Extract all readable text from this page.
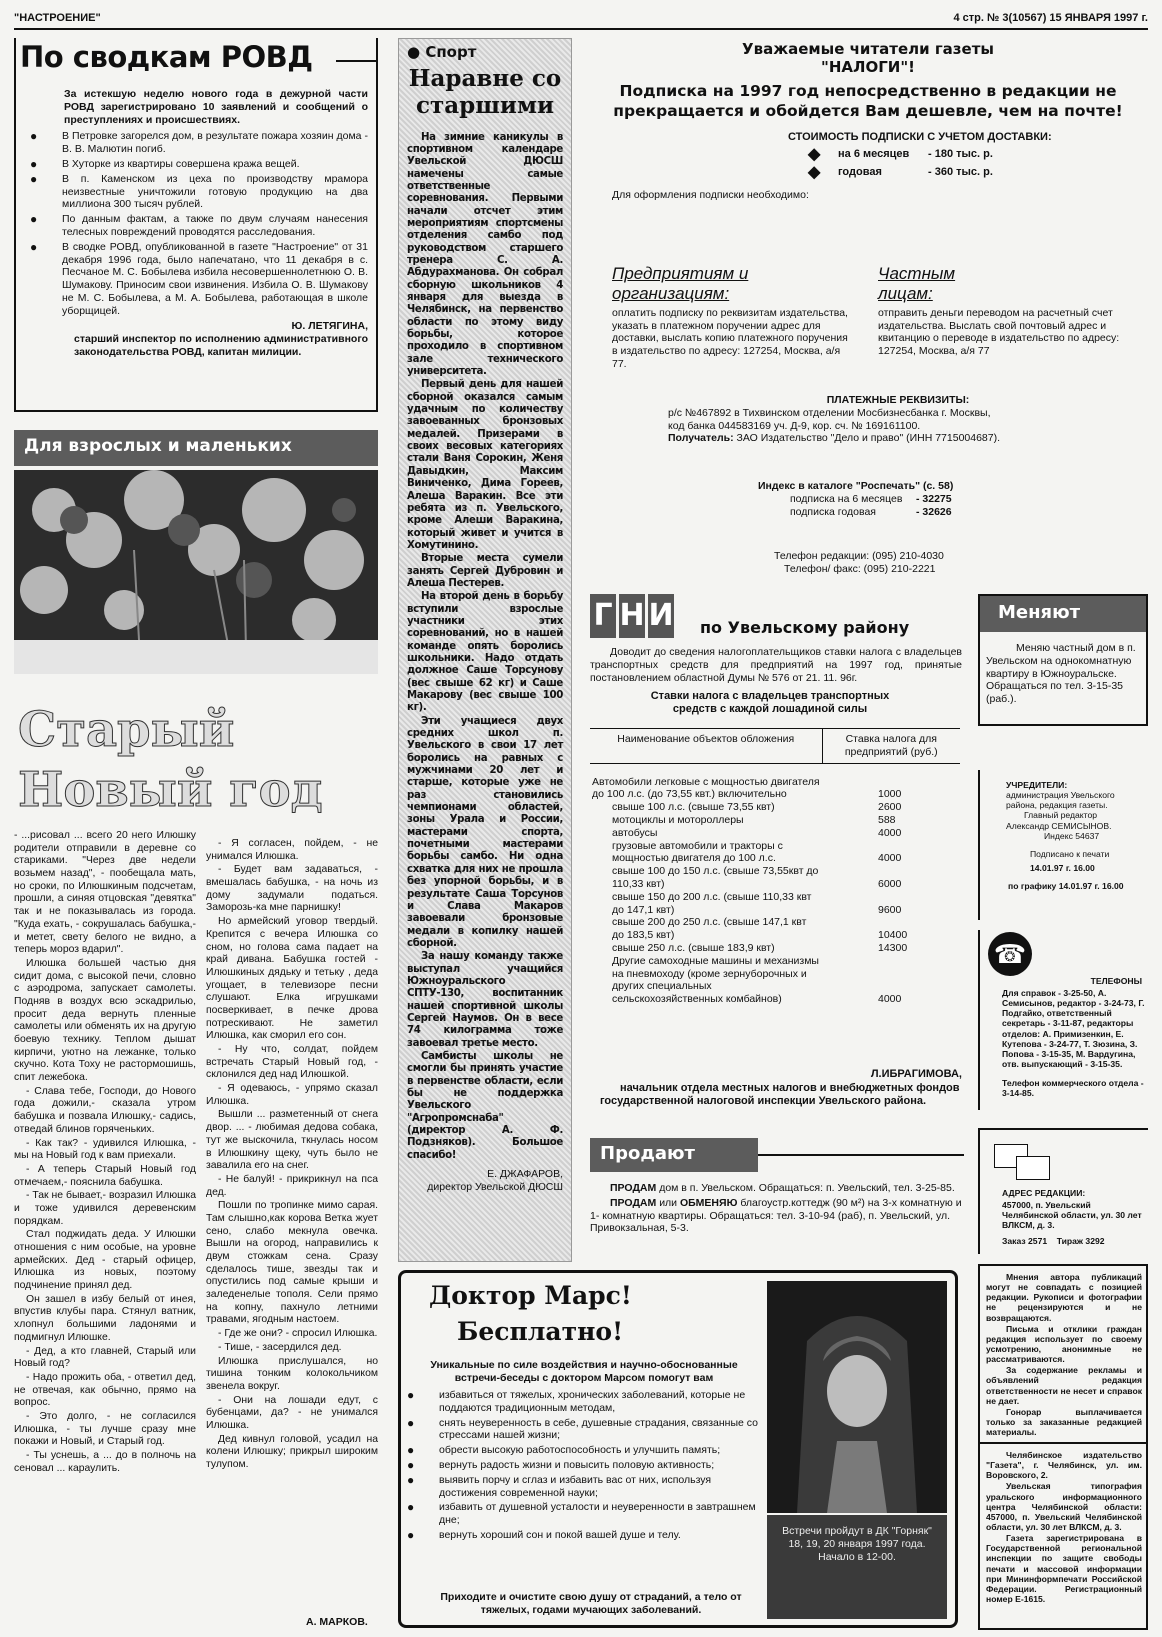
"НАСТРОЕНИЕ"	4 стр. № 3(10567) 15 ЯНВАРЯ 1997 г.
По сводкам РОВД

За истекшую неделю нового года в дежурной части РОВД зарегистрировано 10 заявлений и сообщений о преступлениях и происшествиях.

● В Петровке загорелся дом, в результате пожара хозяин дома - В. В. Малютин погиб.
● В Хуторке из квартиры совершена кража вещей.
● В п. Каменском из цеха по производству мрамора неизвестные уничтожили готовую продукцию на два миллиона 300 тысяч рублей.
● По данным фактам, а также по двум случаям нанесения телесных повреждений проводятся расследования.
● В сводке РОВД, опубликованной в газете "Настроение" от 31 декабря 1996 года, было напечатано, что 11 декабря в с. Песчаное М. С. Бобылева избила несовершеннолетнюю О. В. Шумакову. Приносим свои извинения. Избила О. В. Шумакову не М. С. Бобылева, а М. А. Бобылева, работающая в школе уборщицей.

Ю. ЛЕТЯГИНА,

старший инспектор по исполнению административного законодательства РОВД, капитан милиции.

Для взрослых и маленьких
Старый
Новый год

- ...рисовал ... всего 20 него Илюшку родители отправили в деревне со стариками. "Через две недели возьмем назад", - пообещала мать, но сроки, по Илюшкиным подсчетам, прошли, а синяя отцовская "девятка" так и не показывалась из города. "Куда ехать, - сокрушалась бабушка,- и метет, свету белого не видно, а теперь мороз вдарил".

Илюшка большей частью дня сидит дома, с высокой печи, словно с аэродрома, запускает самолеты. Подняв в воздух всю эскадрилью, просит деда вернуть пленные самолеты или обменять их на другую боевую технику. Теплом дышат кирпичи, уютно на лежанке, только скучно. Кота Тоху не растормошишь, спит лежебока.

- Слава тебе, Господи, до Нового года дожили,- сказала утром бабушка и позвала Илюшку,- садись, отведай блинов горяченьких.

- Как так? - удивился Илюшка, - мы на Новый год к вам приехали.

- А теперь Старый Новый год отмечаем,- пояснила бабушка.

- Так не бывает,- возразил Илюшка и тоже удивился деревенским порядкам.

Стал поджидать деда. У Илюшки отношения с ним особые, на уровне армейских. Дед - старый офицер, Илюшка из новых, поэтому подчинение принял дед.

Он зашел в избу белый от инея, впустив клубы пара. Стянул ватник, хлопнул большими ладонями и подмигнул Илюшке.

- Дед, а кто главней, Старый или Новый год?

- Надо прожить оба, - ответил дед, не отвечая, как обычно, прямо на вопрос.

- Это долго, - не согласился Илюшка, - ты лучше сразу мне покажи и Новый, и Старый год.

- Ты уснешь, а ... до в полночь на сеновал ... караулить.

- Я согласен, пойдем, - не унимался Илюшка.

- Будет вам задаваться, - вмешалась бабушка, - на ночь из дому задумали податься. Заморозь-ка мне парнишку!

Но армейский уговор твердый. Крепится с вечера Илюшка со сном, но голова сама падает на край дивана. Бабушка гостей - Илюшкиных дядьку и тетьку , деда угощает, в телевизоре песни слушают. Елка игрушками посверкивает, в печке дрова потрескивают. Не заметил Илюшка, как сморил его сон.

- Ну что, солдат, пойдем встречать Старый Новый год, - склонился дед над Илюшкой.

- Я одеваюсь, - упрямо сказал Илюшка.

Вышли ... разметенный от снега двор. ... - любимая дедова собака, тут же выскочила, ткнулась носом в Илюшкину щеку, чуть было не завалила его на снег.

- Не балуй! - прикрикнул на пса дед.

Пошли по тропинке мимо сарая. Там слышно,как корова Ветка жует сено, слабо мекнула овечка. Вышли на огород, направились к двум стожкам сена. Сразу сделалось тише, звезды так и опустились под самые крыши и заледенелые тополя. Сели прямо на копну, пахнуло летними травами, ягодным настоем.

- Где же они? - спросил Илюшка.

- Тише, - засердился дед.

Илюшка прислушался, но тишина тонким колокольчиком звенела вокруг.

- Они на лошади едут, с бубенцами, да? - не унимался Илюшка.

Дед кивнул головой, усадил на колени Илюшку; прикрыл широким тулупом.

А. МАРКОВ.
● Спорт
Наравне со старшими

На зимние каникулы в спортивном календаре Увельской ДЮСШ намечены самые ответственные соревнования. Первыми начали отсчет этим мероприятиям спортсмены отделения самбо под руководством старшего тренера С. А. Абдурахманова. Он собрал сборную школьников 4 января для выезда в Челябинск, на первенство области по этому виду борьбы, которое проходило в спортивном зале технического университета.

Первый день для нашей сборной оказался самым удачным по количеству завоеванных бронзовых медалей. Призерами в своих весовых категориях стали Ваня Сорокин, Женя Давыдкин, Максим Виниченко, Дима Гореев, Алеша Варакин. Все эти ребята из п. Увельского, кроме Алеши Варакина, который живет и учится в Хомутинино.

Вторые места сумели занять Сергей Дубровин и Алеша Пестерев.

На второй день в борьбу вступили взрослые участники этих соревнований, но в нашей команде опять боролись школьники. Надо отдать должное Саше Торсунову (вес свыше 62 кг) и Саше Макарову (вес свыше 100 кг).

Эти учащиеся двух средних школ п. Увельского в свои 17 лет боролись на равных с мужчинами 20 лет и старше, которые уже не раз становились чемпионами областей, зоны Урала и России, мастерами спорта, почетными мастерами борьбы самбо. Ни одна схватка для них не прошла без упорной борьбы, и в результате Саша Торсунов и Слава Макаров завоевали бронзовые медали в копилку нашей сборной.

За нашу команду также выступал учащийся Южноуральского СПТУ-130, воспитанник нашей спортивной школы Сергей Наумов. Он в весе 74 килограмма тоже завоевал третье место.

Самбисты школы не смогли бы принять участие в первенстве области, если бы не поддержка Увельского "Агропромснаба" (директор А. Ф. Подзняков). Большое спасибо!

Е. ДЖАФАРОВ,
директор Увельской ДЮСШ
Уважаемые читатели газеты
"НАЛОГИ"!
Подписка на 1997 год непосредственно в редакции не прекращается и обойдется Вам дешевле, чем на почте!
СТОИМОСТЬ ПОДПИСКИ С УЧЕТОМ ДОСТАВКИ:
◆ на 6 месяцев - 180 тыс. р.
◆ годовая	- 360 тыс. р.
Для оформления подписки необходимо:
Предприятиям и организациям:
оплатить подписку по реквизитам издательства, указать в платежном поручении адрес для доставки, выслать копию платежного поручения в издательство по адресу: 127254, Москва, а/я 77.
Частным лицам:
отправить деньги переводом на расчетный счет издательства. Выслать свой почтовый адрес и квитанцию о переводе в издательство по адресу: 127254, Москва, а/я 77
ПЛАТЕЖНЫЕ РЕКВИЗИТЫ:
р/с №467892 в Тихвинском отделении Мосбизнесбанка г. Москвы,
код банка 044583169 уч. Д-9, кор. сч. № 169161100.
Получатель: ЗАО Издательство "Дело и право" (ИНН 7715004687).
Индекс в каталоге "Роспечать" (с. 58)
подписка на 6 месяцев - 32275
подписка годовая	- 32626
Телефон редакции: (095) 210-4030
Телефон/ факс: (095) 210-2221
Г Н И по Увельскому району
Доводит до сведения налогоплательщиков ставки налога с владельцев транспортных средств для предприятий на 1997 год, принятые постановлением областной Думы № 576 от 21. 11. 96г.
Ставки налога с владельцев транспортных средств с каждой лошадиной силы
Наименование объектов обложения	Ставка налога для предприятий (руб.)
Автомобили легковые с мощностью двигателя до 100 л.с. (до 73,55 квт.) включительно	1000
свыше 100 л.с. (свыше 73,55 квт)	2600
мотоциклы и мотороллеры	588
автобусы	4000
грузовые автомобили и тракторы с мощностью двигателя до 100 л.с.	4000
свыше 100 до 150 л.с. (свыше 73,55квт до 110,33 квт)	6000
свыше 150 до 200 л.с. (свыше 110,33 квт до 147,1 квт)	9600
свыше 200 до 250 л.с. (свыше 147,1 квт до 183,5 квт)	10400
свыше 250 л.с. (свыше 183,9 квт)	14300
Другие самоходные машины и механизмы на пневмоходу (кроме зернуборочных и других специальных сельскохозяйственных комбайнов)	4000
Л.ИБРАГИМОВА,
начальник отдела местных налогов и внебюджетных фондов государственной налоговой инспекции Увельского района.
Меняют
Меняю частный дом в п. Увельском на однокомнатную квартиру в Южноуральске. Обращаться по тел. 3-15-35 (раб.).
УЧРЕДИТЕЛИ:
администрация Увельского района, редакция газеты.
Главный редактор
Александр СЕМИСЫНОВ.
Индекс 54637
Подписано к печати
14.01.97 г. 16.00
по графику 14.01.97 г. 16.00
☎
ТЕЛЕФОНЫ
Для справок - 3-25-50, А. Семисынов, редактор - 3-24-73, Г. Подгайко, ответственный секретарь - 3-11-87, редакторы отделов: А. Примизенкин, Е. Кутепова - 3-24-77, Т. Зюзина, З. Попова - 3-15-35, М. Вардугина, отв. выпускающий - 3-15-35.
Телефон коммерческого отдела - 3-14-85.
Продают

ПРОДАМ дом в п. Увельском. Обращаться: п. Увельский, тел. 3-25-85.

ПРОДАМ или ОБМЕНЯЮ благоустр.коттедж (90 м²) на 3-х комнатную и 1- комнатную квартиры. Обращаться: тел. 3-10-94 (раб), п. Увельский, ул. Привокзальная, 5-3.

АДРЕС РЕДАКЦИИ:
457000, п. Увельский Челябинской области, ул. 30 лет ВЛКСМ, д. 3.
Заказ 2571 Тираж 3292

Мнения автора публикаций могут не совпадать с позицией редакции. Рукописи и фотографии не рецензируются и не возвращаются.

Письма и отклики граждан редакция использует по своему усмотрению, анонимные не рассматриваются.

За содержание рекламы и объявлений редакция ответственности не несет и справок не дает.

Гонорар выплачивается только за заказанные редакцией материалы.

Челябинское издательство "Газета", г. Челябинск, ул. им. Воровского, 2.

Увельская типография уральского информационного центра Челябинской области: 457000, п. Увельский Челябинской области, ул. 30 лет ВЛКСМ, д. 3.

Газета зарегистрирована в Государственной региональной инспекции по защите свободы печати и массовой информации при Мининформпечати Российской Федерации. Регистрационный номер Е-1615.

Доктор Марс!
Бесплатно!
Уникальные по силе воздействия и научно-обоснованные встречи-беседы с доктором Марсом помогут вам
● избавиться от тяжелых, хронических заболеваний, которые не поддаются традиционным методам,
● снять неуверенность в себе, душевные страдания, связанные со стрессами нашей жизни;
● обрести высокую работоспособность и улучшить память;
● вернуть радость жизни и повысить половую активность;
● выявить порчу и сглаз и избавить вас от них, используя достижения современной науки;
● избавить от душевной усталости и неуверенности в завтрашнем дне;
● вернуть хороший сон и покой вашей душе и телу.
Приходите и очистите свою душу от страданий, а тело от тяжелых, годами мучающих заболеваний.
Встречи пройдут в ДК "Горняк" 18, 19, 20 января 1997 года.
Начало в 12-00.
